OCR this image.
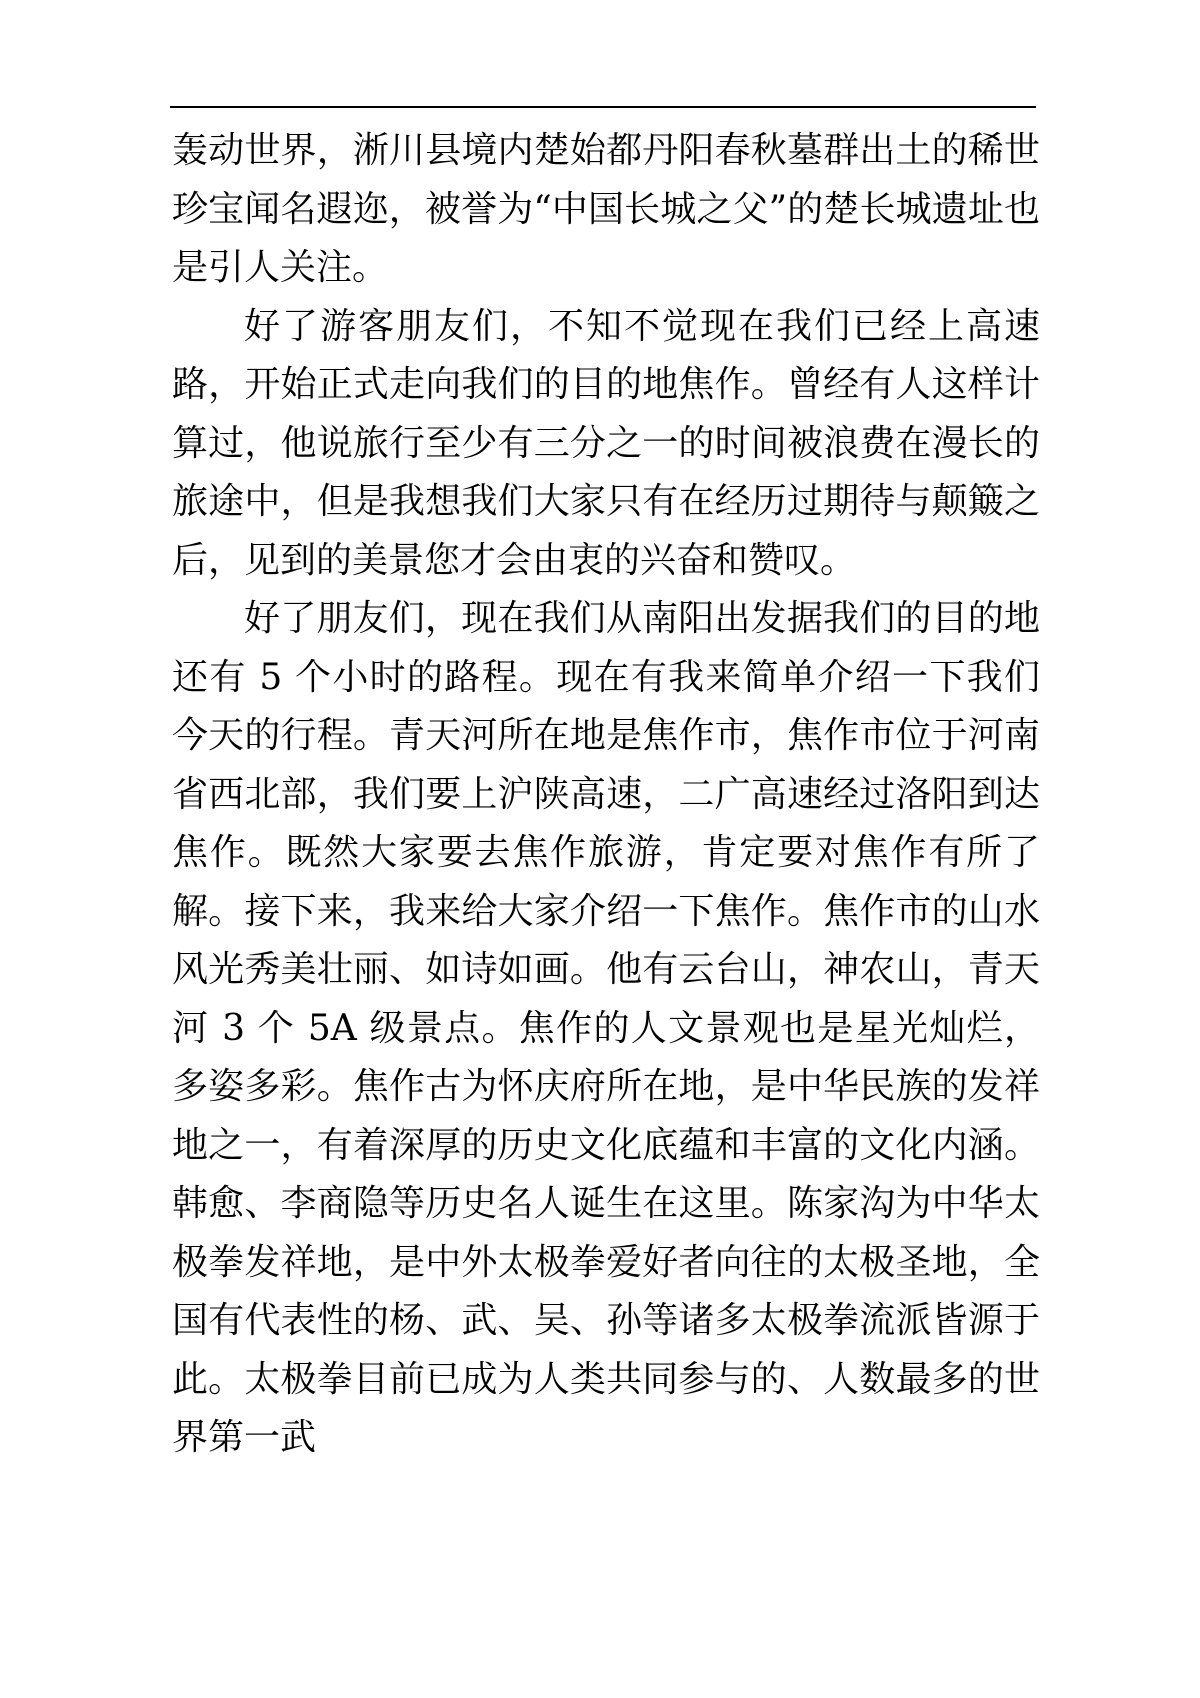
轰动世界，淅川县境内楚始都丹阳春秋墓群出土的稀世珍宝闻名遐迩，被誉为“中国长城之父”的楚长城遗址也是引人关注。

好了游客朋友们，不知不觉现在我们已经上高速路，开始正式走向我们的目的地焦作。曾经有人这样计算过，他说旅行至少有三分之一的时间被浪费在漫长的旅途中，但是我想我们大家只有在经历过期待与颠簸之后，见到的美景您才会由衷的兴奋和赞叹。

好了朋友们，现在我们从南阳出发据我们的目的地还有 5 个小时的路程。现在有我来简单介绍一下我们今天的行程。青天河所在地是焦作市，焦作市位于河南省西北部，我们要上沪陕高速，二广高速经过洛阳到达焦作。既然大家要去焦作旅游，肯定要对焦作有所了解。接下来，我来给大家介绍一下焦作。焦作市的山水风光秀美壮丽、如诗如画。他有云台山，神农山，青天河 3 个 5A 级景点。焦作的人文景观也是星光灿烂，多姿多彩。焦作古为怀庆府所在地，是中华民族的发祥地之一，有着深厚的历史文化底蕴和丰富的文化内涵。韩愈、李商隐等历史名人诞生在这里。陈家沟为中华太极拳发祥地，是中外太极拳爱好者向往的太极圣地，全国有代表性的杨、武、吴、孙等诸多太极拳流派皆源于此。太极拳目前已成为人类共同参与的、人数最多的世界第一武
